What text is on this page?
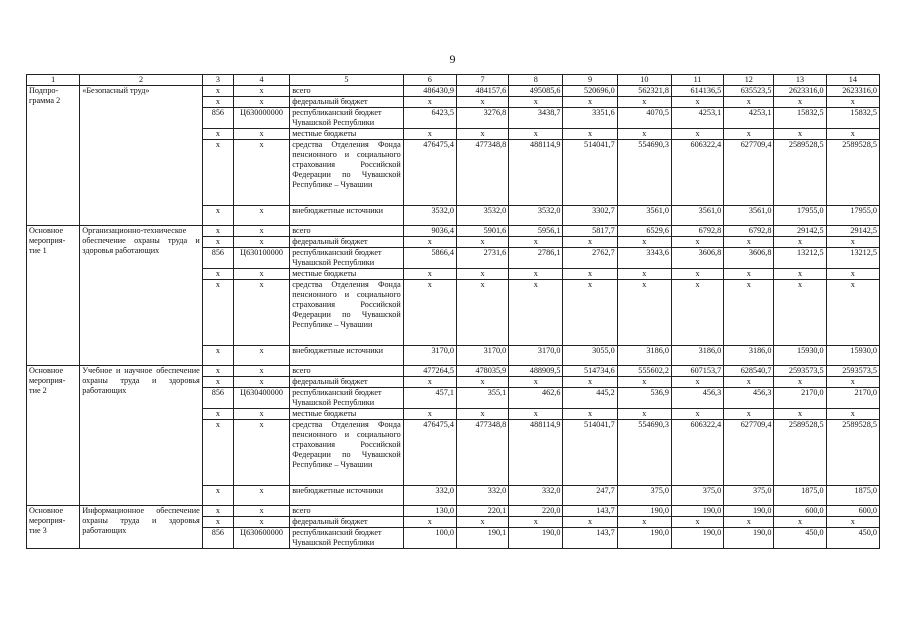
9
1	2	3	4	5	6	7	8	9	10	11	12	13	14
Подпро-
грамма 2	«Безопасный труд»	х	х	всего	486430,9	484157,6	495085,6	520696,0	562321,8	614136,5	635523,5	2623316,0	2623316,0
		х	х	федеральный бюджет	х	х	х	х	х	х	х	х	х
		856	Ц630000000	республиканский бюджет Чувашской Республики	6423,5	3276,8	3438,7	3351,6	4070,5	4253,1	4253,1	15832,5	15832,5
		х	х	местные бюджеты	х	х	х	х	х	х	х	х	х
		х	х	средства Отделения Фонда пенсионного и социального страхования Российской Федерации по Чувашской Республике – Чувашии	476475,4	477348,8	488114,9	514041,7	554690,3	606322,4	627709,4	2589528,5	2589528,5
		х	х	внебюджетные источники	3532,0	3532,0	3532,0	3302,7	3561,0	3561,0	3561,0	17955,0	17955,0
Основное
мероприя-
тие 1	Организационно-техническое обеспечение охраны труда и здоровья работающих	х	х	всего	9036,4	5901,6	5956,1	5817,7	6529,6	6792,8	6792,8	29142,5	29142,5
		х	х	федеральный бюджет	х	х	х	х	х	х	х	х	х
		856	Ц630100000	республиканский бюджет Чувашской Республики	5866,4	2731,6	2786,1	2762,7	3343,6	3606,8	3606,8	13212,5	13212,5
		х	х	местные бюджеты	х	х	х	х	х	х	х	х	х
		х	х	средства Отделения Фонда пенсионного и социального страхования Российской Федерации по Чувашской Республике – Чувашии	х	х	х	х	х	х	х	х	х
		х	х	внебюджетные источники	3170,0	3170,0	3170,0	3055,0	3186,0	3186,0	3186,0	15930,0	15930,0
Основное
мероприя-
тие 2	Учебное и научное обеспечение охраны труда и здоровья работающих	х	х	всего	477264,5	478035,9	488909,5	514734,6	555602,2	607153,7	628540,7	2593573,5	2593573,5
		х	х	федеральный бюджет	х	х	х	х	х	х	х	х	х
		856	Ц630400000	республиканский бюджет Чувашской Республики	457,1	355,1	462,6	445,2	536,9	456,3	456,3	2170,0	2170,0
		х	х	местные бюджеты	х	х	х	х	х	х	х	х	х
		х	х	средства Отделения Фонда пенсионного и социального страхования Российской Федерации по Чувашской Республике – Чувашии	476475,4	477348,8	488114,9	514041,7	554690,3	606322,4	627709,4	2589528,5	2589528,5
		х	х	внебюджетные источники	332,0	332,0	332,0	247,7	375,0	375,0	375,0	1875,0	1875,0
Основное
мероприя-
тие 3	Информационное обеспечение охраны труда и здоровья работающих	х	х	всего	130,0	220,1	220,0	143,7	190,0	190,0	190,0	600,0	600,0
		х	х	федеральный бюджет	х	х	х	х	х	х	х	х	х
		856	Ц630600000	республиканский бюджет Чувашской Республики	100,0	190,1	190,0	143,7	190,0	190,0	190,0	450,0	450,0
